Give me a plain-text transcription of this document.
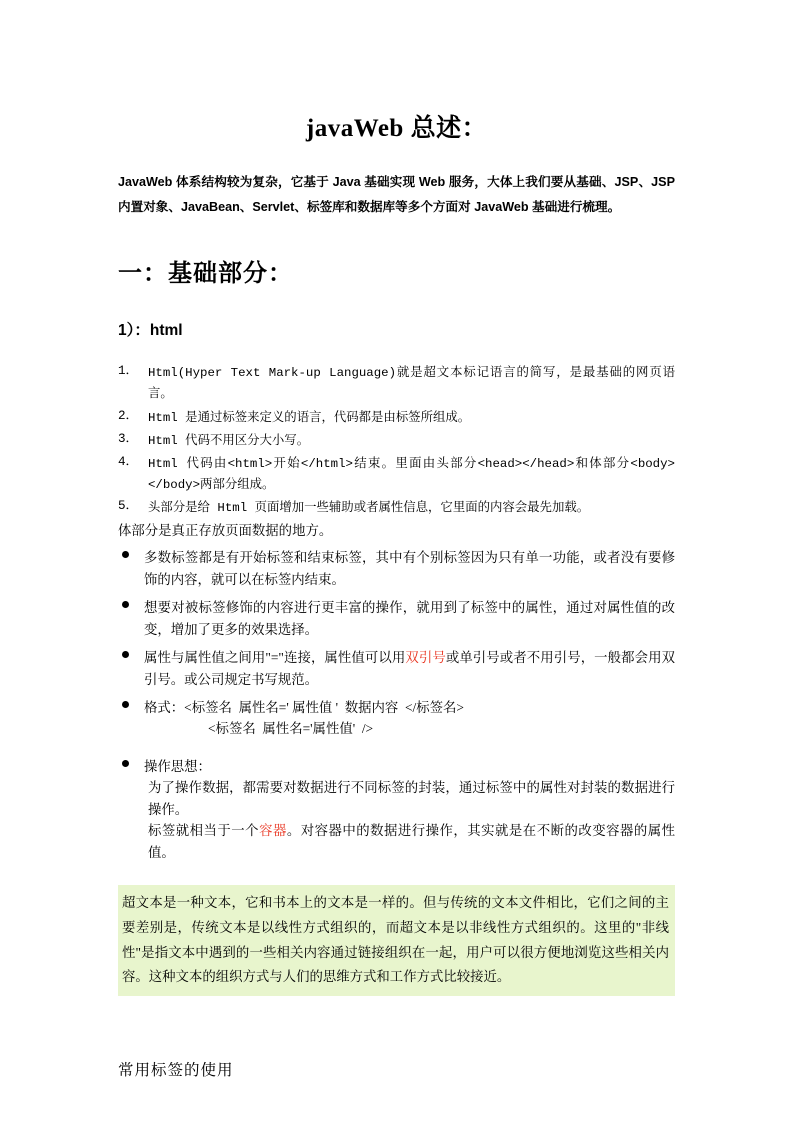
javaWeb 总述：

JavaWeb 体系结构较为复杂，它基于 Java 基础实现 Web 服务，大体上我们要从基础、JSP、JSP 内置对象、JavaBean、Servlet、标签库和数据库等多个方面对 JavaWeb 基础进行梳理。

一：基础部分：
1）：html
1． Html(Hyper Text Mark-up Language)就是超文本标记语言的简写，是最基础的网页语言。
2． Html 是通过标签来定义的语言，代码都是由标签所组成。
3． Html 代码不用区分大小写。
4． Html 代码由<html>开始</html>结束。里面由头部分<head></head>和体部分<body></body>两部分组成。
5． 头部分是给 Html 页面增加一些辅助或者属性信息，它里面的内容会最先加载。

体部分是真正存放页面数据的地方。

多数标签都是有开始标签和结束标签，其中有个别标签因为只有单一功能，或者没有要修饰的内容，就可以在标签内结束。
想要对被标签修饰的内容进行更丰富的操作，就用到了标签中的属性，通过对属性值的改变，增加了更多的效果选择。
属性与属性值之间用"="连接，属性值可以用双引号或单引号或者不用引号，一般都会用双引号。或公司规定书写规范。
格式：<标签名  属性名=' 属性值 '  数据内容  </标签名>
<标签名  属性名='属性值'  />
操作思想：
为了操作数据，都需要对数据进行不同标签的封装，通过标签中的属性对封装的数据进行操作。
标签就相当于一个容器。对容器中的数据进行操作，其实就是在不断的改变容器的属性值。

超文本是一种文本，它和书本上的文本是一样的。但与传统的文本文件相比，它们之间的主要差别是，传统文本是以线性方式组织的，而超文本是以非线性方式组织的。这里的"非线性"是指文本中遇到的一些相关内容通过链接组织在一起，用户可以很方便地浏览这些相关内容。这种文本的组织方式与人们的思维方式和工作方式比较接近。

常用标签的使用
